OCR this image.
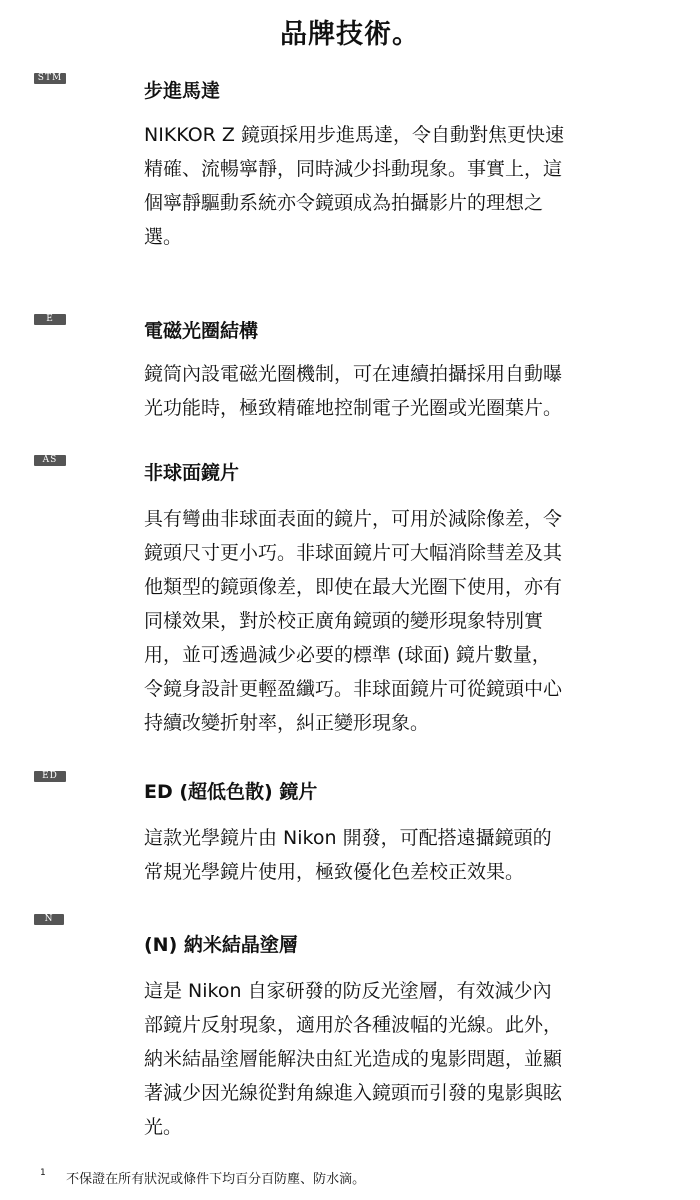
品牌技術。
STM
步進馬達
NIKKOR Z 鏡頭採用步進馬達，令自動對焦更快速
精確、流暢寧靜，同時減少抖動現象。事實上，這
個寧靜驅動系統亦令鏡頭成為拍攝影片的理想之
選。
E
電磁光圈結構
鏡筒內設電磁光圈機制，可在連續拍攝採用自動曝
光功能時，極致精確地控制電子光圈或光圈葉片。
AS
非球面鏡片
具有彎曲非球面表面的鏡片，可用於減除像差，令
鏡頭尺寸更小巧。非球面鏡片可大幅消除彗差及其
他類型的鏡頭像差，即使在最大光圈下使用，亦有
同樣效果，對於校正廣角鏡頭的變形現象特別實
用，並可透過減少必要的標準 (球面) 鏡片數量，
令鏡身設計更輕盈纖巧。非球面鏡片可從鏡頭中心
持續改變折射率，糾正變形現象。
ED
ED (超低色散) 鏡片
這款光學鏡片由 Nikon 開發，可配搭遠攝鏡頭的
常規光學鏡片使用，極致優化色差校正效果。
N
(N) 納米結晶塗層
這是 Nikon 自家研發的防反光塗層，有效減少內
部鏡片反射現象，適用於各種波幅的光線。此外，
納米結晶塗層能解決由紅光造成的鬼影問題，並顯
著減少因光線從對角線進入鏡頭而引發的鬼影與眩
光。
1 不保證在所有狀況或條件下均百分百防塵、防水滴。
